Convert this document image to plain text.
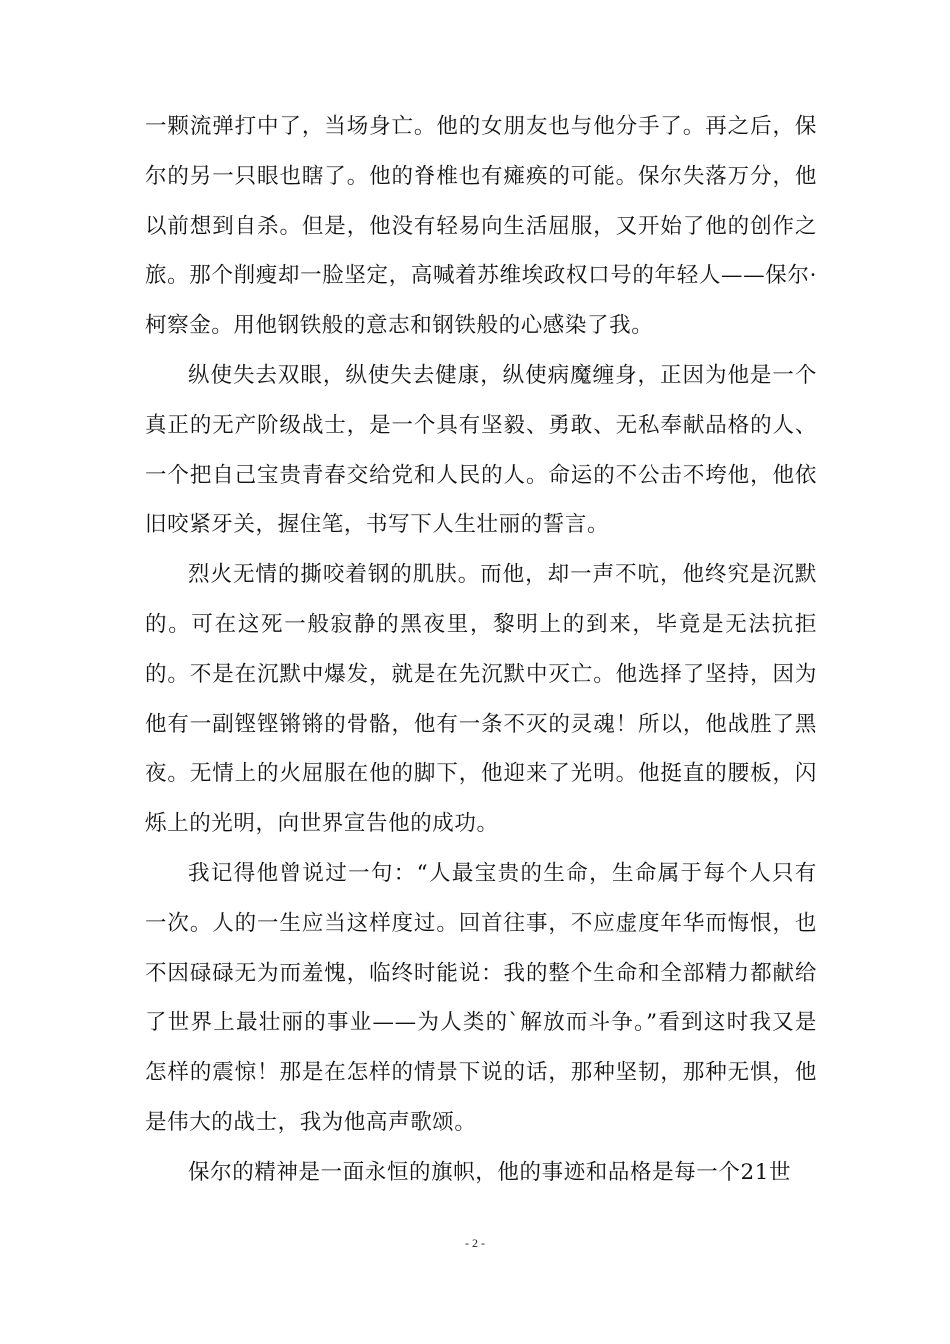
一颗流弹打中了，当场身亡。他的女朋友也与他分手了。再之后，保尔的另一只眼也瞎了。他的脊椎也有瘫痪的可能。保尔失落万分，他以前想到自杀。但是，他没有轻易向生活屈服，又开始了他的创作之旅。那个削瘦却一脸坚定，高喊着苏维埃政权口号的年轻人——保尔·柯察金。用他钢铁般的意志和钢铁般的心感染了我。

纵使失去双眼，纵使失去健康，纵使病魔缠身，正因为他是一个真正的无产阶级战士，是一个具有坚毅、勇敢、无私奉献品格的人、一个把自己宝贵青春交给党和人民的人。命运的不公击不垮他，他依旧咬紧牙关，握住笔，书写下人生壮丽的誓言。

烈火无情的撕咬着钢的肌肤。而他，却一声不吭，他终究是沉默的。可在这死一般寂静的黑夜里，黎明上的到来，毕竟是无法抗拒的。不是在沉默中爆发，就是在先沉默中灭亡。他选择了坚持，因为他有一副铿铿锵锵的骨骼，他有一条不灭的灵魂！所以，他战胜了黑夜。无情上的火屈服在他的脚下，他迎来了光明。他挺直的腰板，闪烁上的光明，向世界宣告他的成功。

我记得他曾说过一句：“人最宝贵的生命，生命属于每个人只有一次。人的一生应当这样度过。回首往事，不应虚度年华而悔恨，也不因碌碌无为而羞愧，临终时能说：我的整个生命和全部精力都献给了世界上最壮丽的事业——为人类的`解放而斗争。”看到这时我又是怎样的震惊！那是在怎样的情景下说的话，那种坚韧，那种无惧，他是伟大的战士，我为他高声歌颂。

保尔的精神是一面永恒的旗帜，他的事迹和品格是每一个21世

- 2 -
